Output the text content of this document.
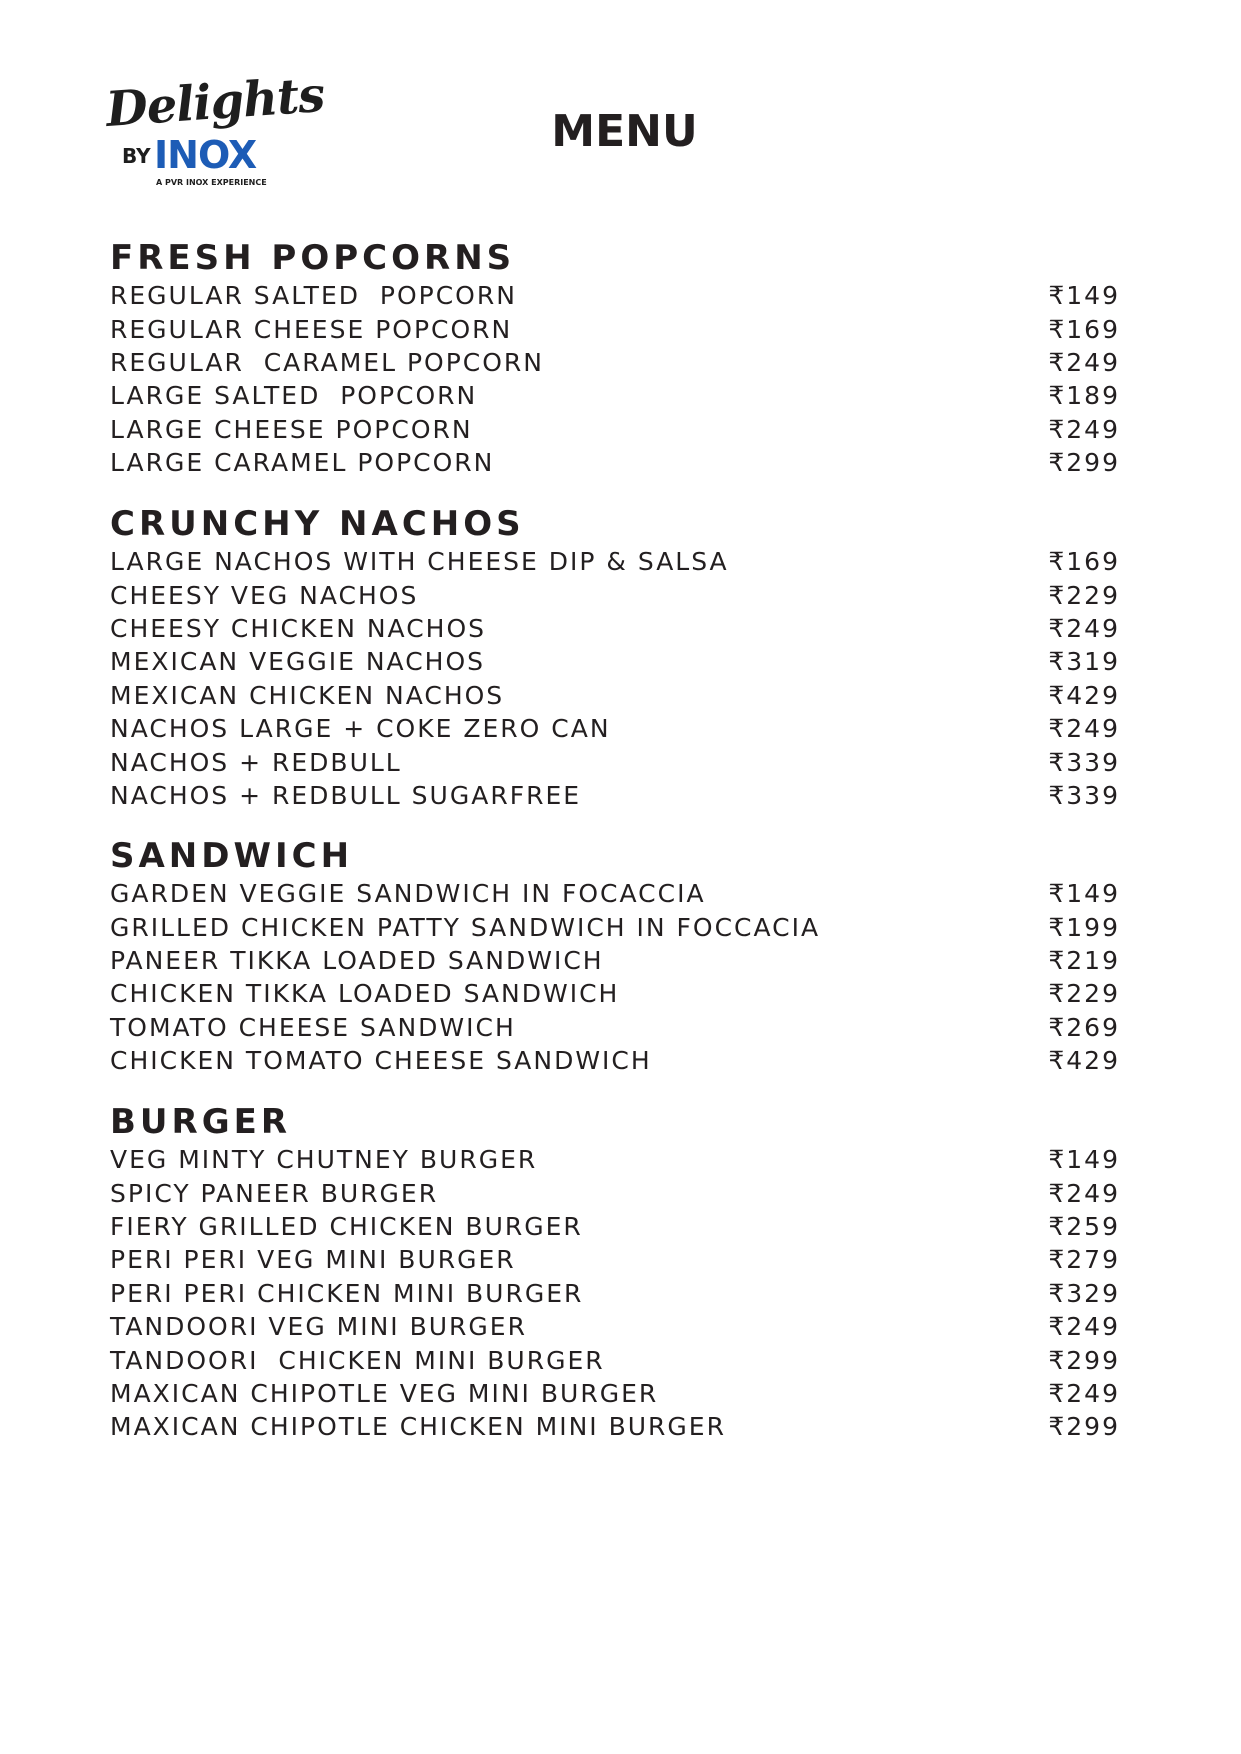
Delights
BY INOX
A PVR INOX EXPERIENCE
MENU
FRESH POPCORNS
REGULAR SALTED  POPCORN	₹149
REGULAR CHEESE POPCORN	₹169
REGULAR  CARAMEL POPCORN	₹249
LARGE SALTED  POPCORN	₹189
LARGE CHEESE POPCORN	₹249
LARGE CARAMEL POPCORN	₹299
CRUNCHY NACHOS
LARGE NACHOS WITH CHEESE DIP & SALSA	₹169
CHEESY VEG NACHOS	₹229
CHEESY CHICKEN NACHOS	₹249
MEXICAN VEGGIE NACHOS	₹319
MEXICAN CHICKEN NACHOS	₹429
NACHOS LARGE + COKE ZERO CAN	₹249
NACHOS + REDBULL	₹339
NACHOS + REDBULL SUGARFREE	₹339
SANDWICH
GARDEN VEGGIE SANDWICH IN FOCACCIA	₹149
GRILLED CHICKEN PATTY SANDWICH IN FOCCACIA	₹199
PANEER TIKKA LOADED SANDWICH	₹219
CHICKEN TIKKA LOADED SANDWICH	₹229
TOMATO CHEESE SANDWICH	₹269
CHICKEN TOMATO CHEESE SANDWICH	₹429
BURGER
VEG MINTY CHUTNEY BURGER	₹149
SPICY PANEER BURGER	₹249
FIERY GRILLED CHICKEN BURGER	₹259
PERI PERI VEG MINI BURGER	₹279
PERI PERI CHICKEN MINI BURGER	₹329
TANDOORI VEG MINI BURGER	₹249
TANDOORI  CHICKEN MINI BURGER	₹299
MAXICAN CHIPOTLE VEG MINI BURGER	₹249
MAXICAN CHIPOTLE CHICKEN MINI BURGER	₹299
